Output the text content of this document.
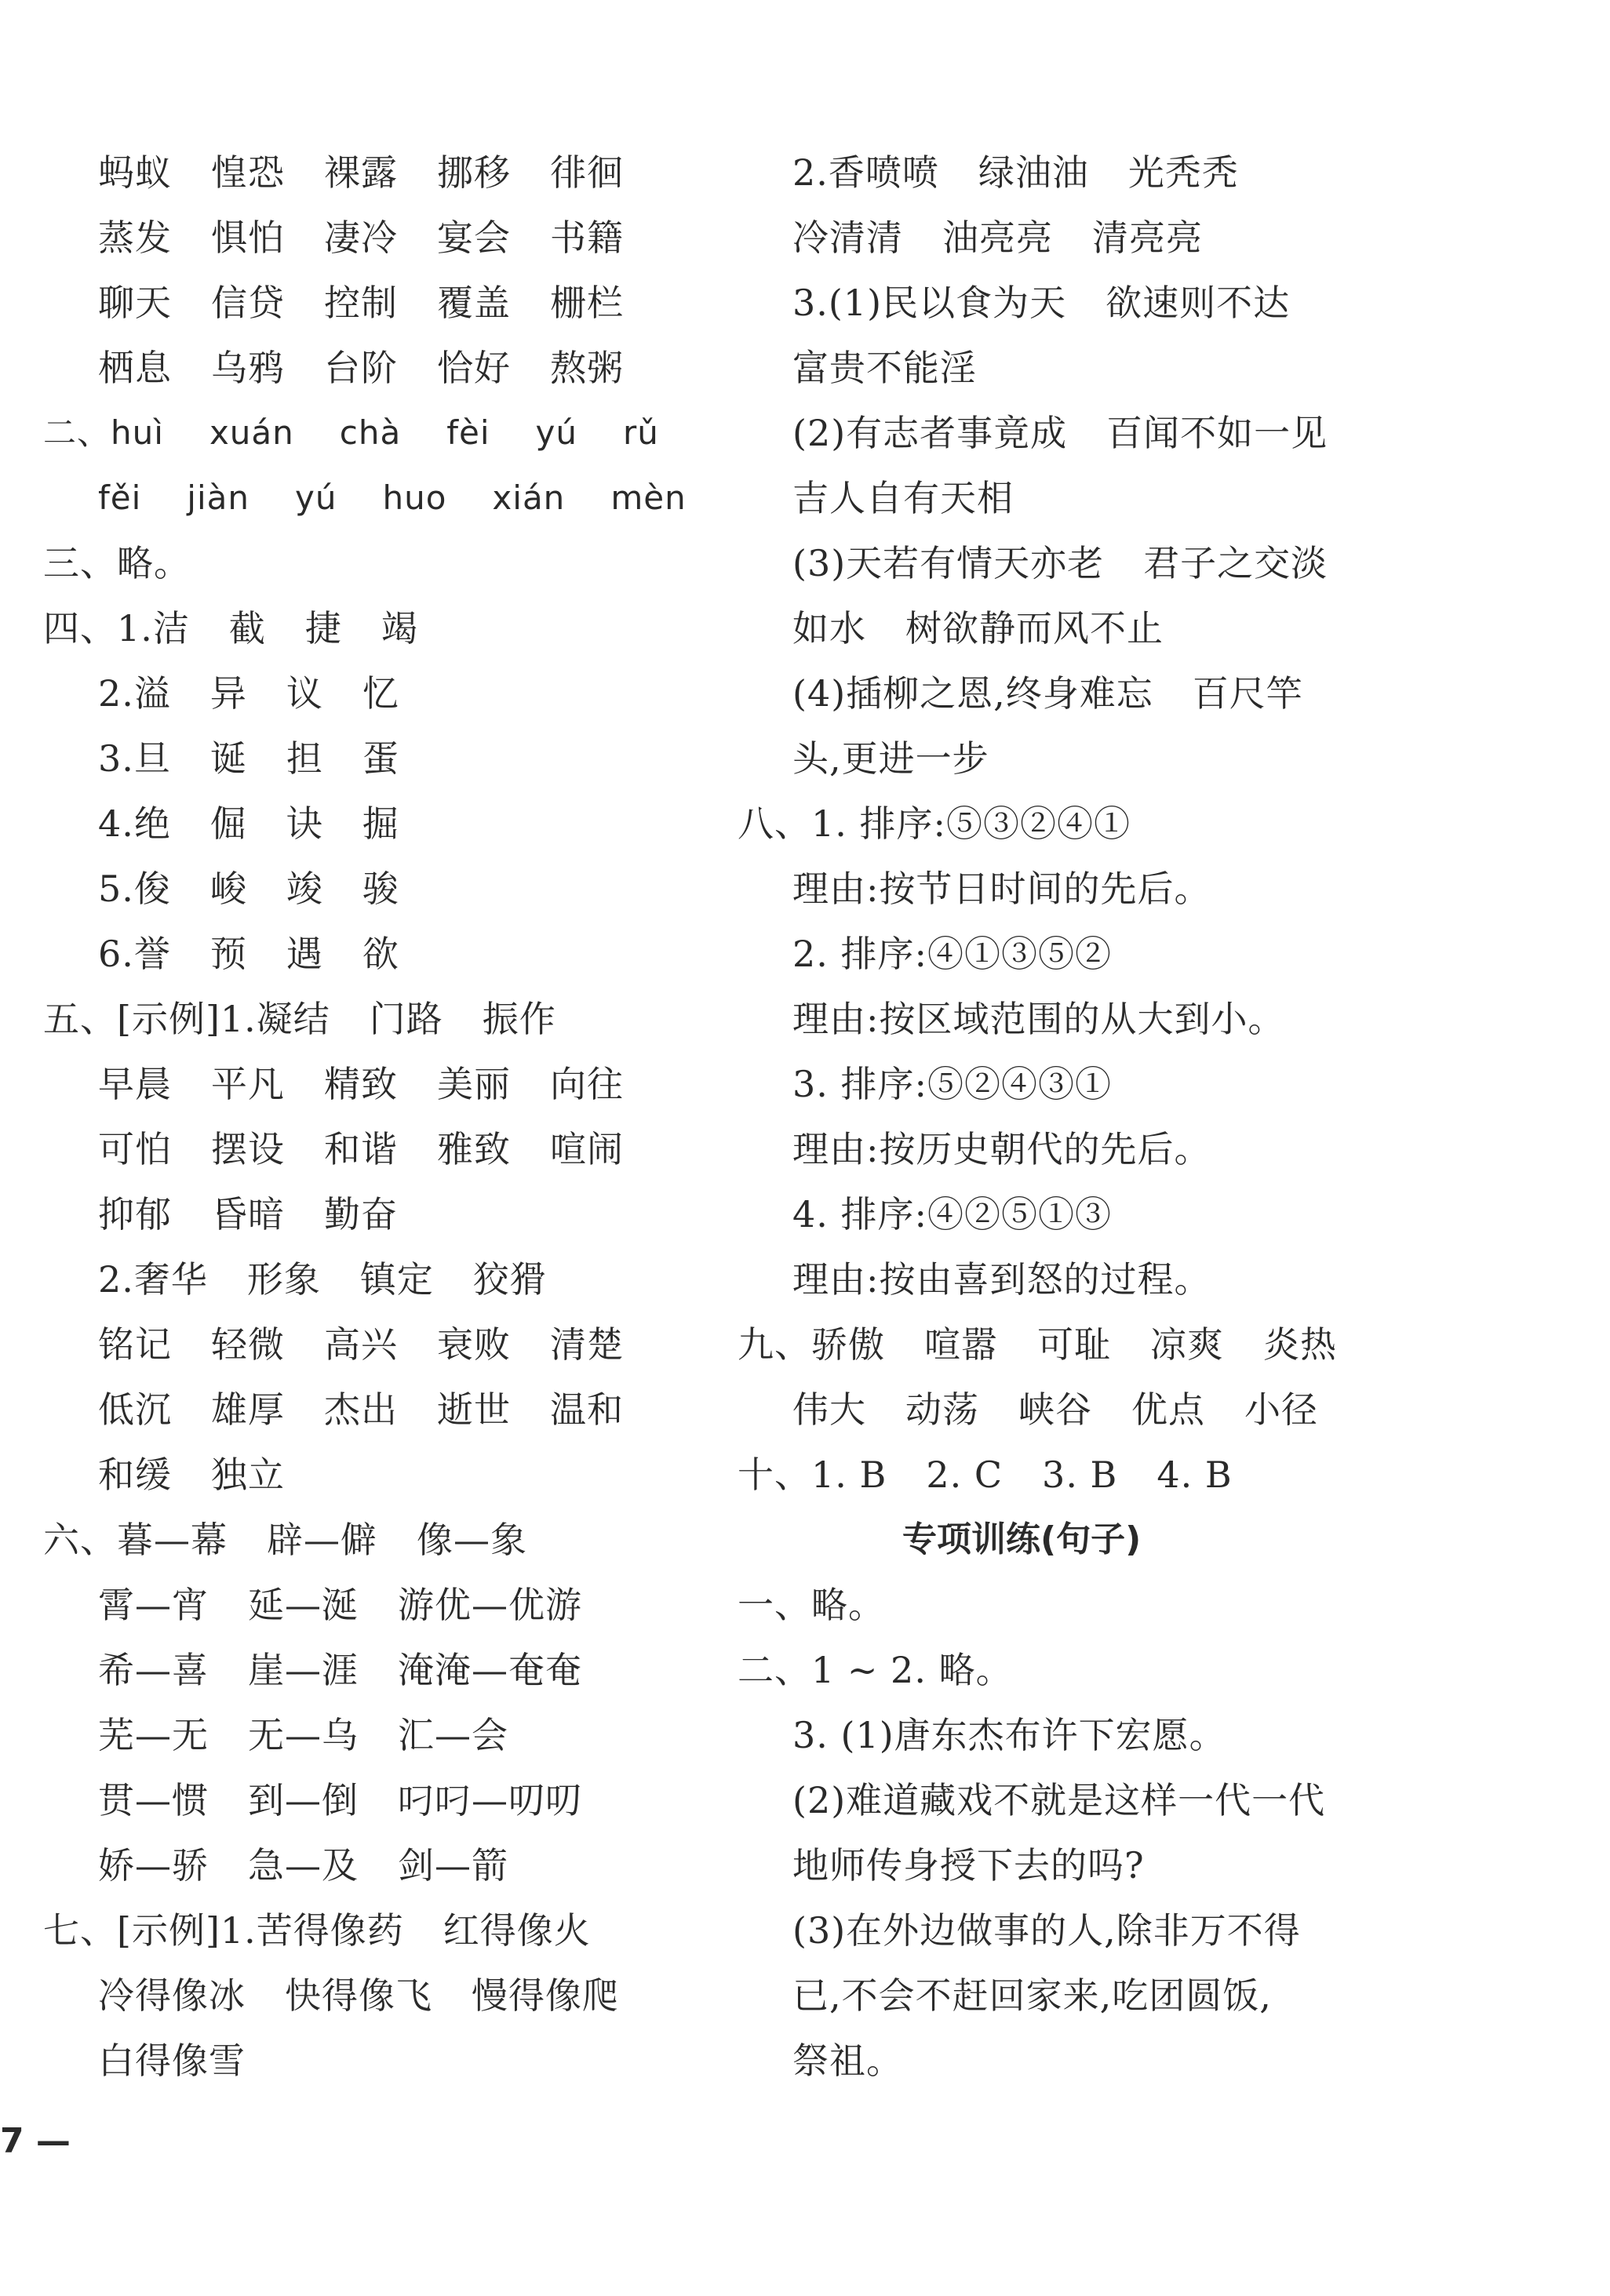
蚂蚁 惶恐 裸露 挪移 徘徊
蒸发 惧怕 凄冷 宴会 书籍
聊天 信贷 控制 覆盖 栅栏
栖息 乌鸦 台阶 恰好 熬粥
二、huì xuán chà fèi yú rǔ
fěi jiàn yú huo xián mèn
三、略。
四、1.洁 截 捷 竭
2.溢 异 议 忆
3.旦 诞 担 蛋
4.绝 倔 诀 掘
5.俊 峻 竣 骏
6.誉 预 遇 欲
五、[示例]1.凝结 门路 振作
早晨 平凡 精致 美丽 向往
可怕 摆设 和谐 雅致 喧闹
抑郁 昏暗 勤奋
2.奢华 形象 镇定 狡猾
铭记 轻微 高兴 衰败 清楚
低沉 雄厚 杰出 逝世 温和
和缓 独立
六、暮—幕 辟—僻 像—象
霄—宵 延—涎 游优—优游
希—喜 崖—涯 淹淹—奄奄
芜—无 无—乌 汇—会
贯—惯 到—倒 叼叼—叨叨
娇—骄 急—及 剑—箭
七、[示例]1.苦得像药 红得像火
冷得像冰 快得像飞 慢得像爬
白得像雪
2.香喷喷 绿油油 光秃秃
冷清清 油亮亮 清亮亮
3.(1)民以食为天 欲速则不达
富贵不能淫
(2)有志者事竟成 百闻不如一见
吉人自有天相
(3)天若有情天亦老 君子之交淡
如水 树欲静而风不止
(4)插柳之恩,终身难忘 百尺竿
头,更进一步
八、1. 排序:⑤③②④①
理由:按节日时间的先后。
2. 排序:④①③⑤②
理由:按区域范围的从大到小。
3. 排序:⑤②④③①
理由:按历史朝代的先后。
4. 排序:④②⑤①③
理由:按由喜到怒的过程。
九、骄傲 喧嚣 可耻 凉爽 炎热
伟大 动荡 峡谷 优点 小径
十、1. B 2. C 3. B 4. B
一、略。
二、1 ~ 2. 略。
3. (1)唐东杰布许下宏愿。
(2)难道藏戏不就是这样一代一代
地师传身授下去的吗?
(3)在外边做事的人,除非万不得
已,不会不赶回家来,吃团圆饭,
祭祖。
专项训练(句子)
7 —
